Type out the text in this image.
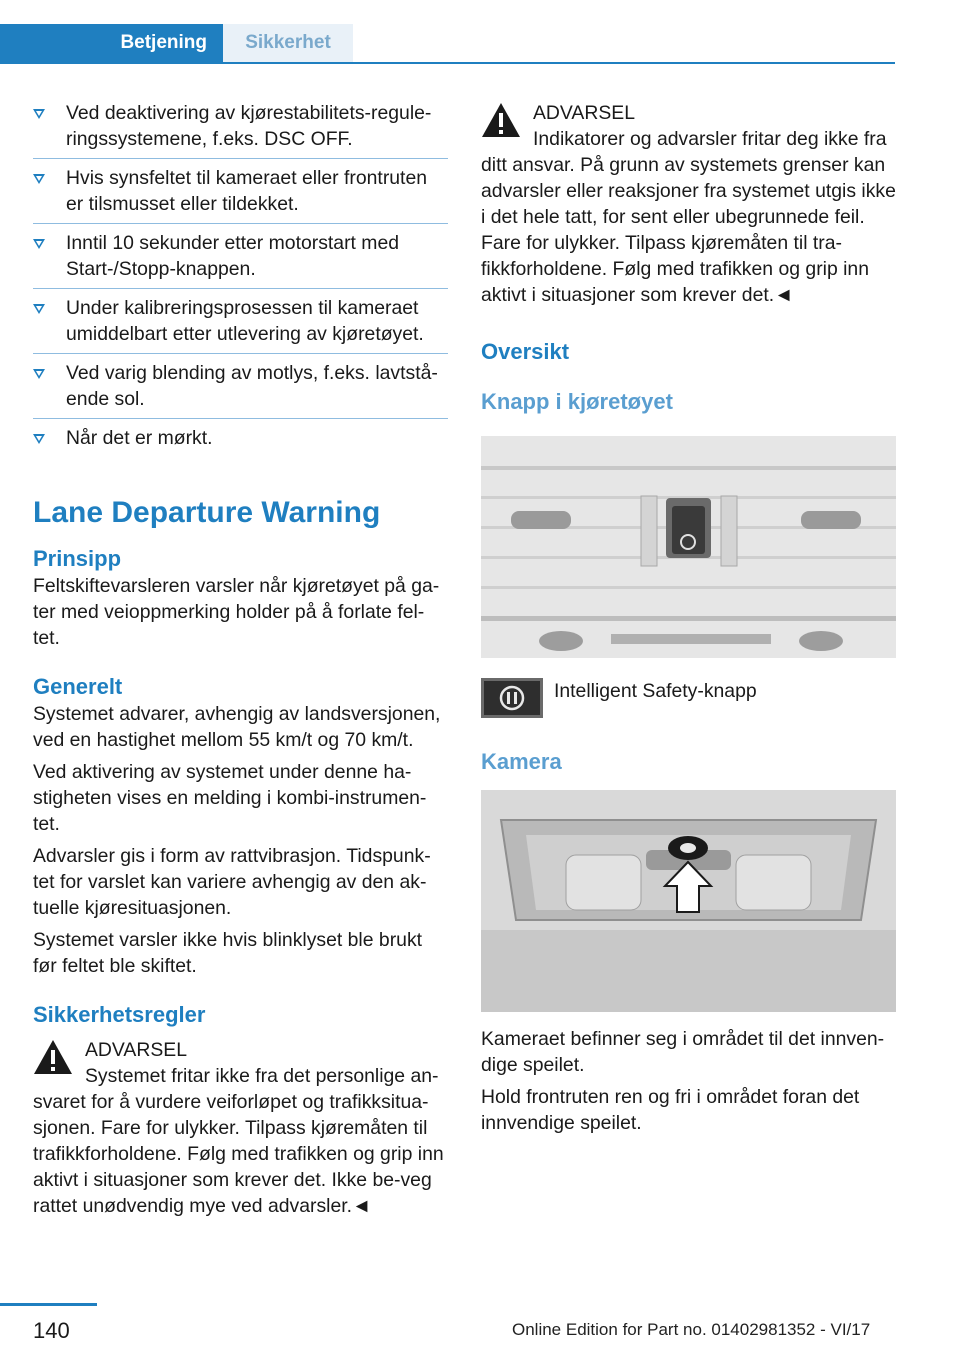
Betjening	Sikkerhet
Ved deaktivering av kjørestabilitets-regule-ringssystemene, f.eks. DSC OFF.
Hvis synsfeltet til kameraet eller frontruten er tilsmusset eller tildekket.
Inntil 10 sekunder etter motorstart med Start-/Stopp-knappen.
Under kalibreringsprosessen til kameraet umiddelbart etter utlevering av kjøretøyet.
Ved varig blending av motlys, f.eks. lavtstå-ende sol.
Når det er mørkt.
Lane Departure Warning
Prinsipp

Feltskiftevarsleren varsler når kjøretøyet på ga-ter med veioppmerking holder på å forlate fel-tet.

Generelt

Systemet advarer, avhengig av landsversjonen, ved en hastighet mellom 55 km/t og 70 km/t.

Ved aktivering av systemet under denne ha-stigheten vises en melding i kombi-instrumen-tet.

Advarsler gis i form av rattvibrasjon. Tidspunk-tet for varslet kan variere avhengig av den ak-tuelle kjøresituasjonen.

Systemet varsler ikke hvis blinklyset ble brukt før feltet ble skiftet.

Sikkerhetsregler

ADVARSEL

Systemet fritar ikke fra det personlige an-svaret for å vurdere veiforløpet og trafikksitua-sjonen. Fare for ulykker. Tilpass kjøremåten til trafikkforholdene. Følg med trafikken og grip inn aktivt i situasjoner som krever det. Ikke be-veg rattet unødvendig mye ved advarsler.◄

ADVARSEL

Indikatorer og advarsler fritar deg ikke fra ditt ansvar. På grunn av systemets grenser kan advarsler eller reaksjoner fra systemet utgis ikke i det hele tatt, for sent eller ubegrunnede feil. Fare for ulykker. Tilpass kjøremåten til tra-fikkforholdene. Følg med trafikken og grip inn aktivt i situasjoner som krever det.◄

Oversikt
Knapp i kjøretøyet

Intelligent Safety-knapp

Kamera

Kameraet befinner seg i området til det innven-dige speilet.

Hold frontruten ren og fri i området foran det innvendige speilet.

140	Online Edition for Part no. 01402981352 - VI/17
